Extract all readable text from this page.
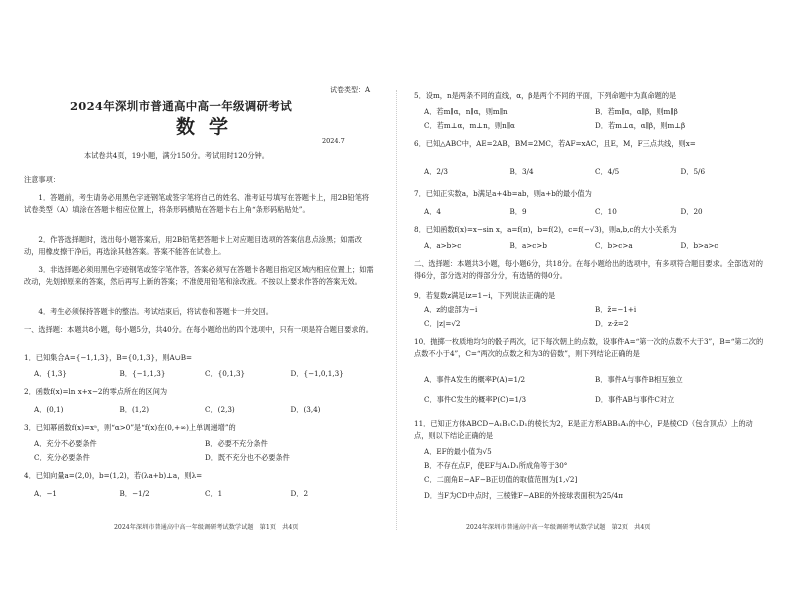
试卷类型：A
2024年深圳市普通高中高一年级调研考试
数学
2024.7
本试卷共4页，19小题，满分150分。考试用时120分钟。
注意事项：
1．答题前，考生请务必用黑色字迹钢笔或签字笔将自己的姓名、准考证号填写在答题卡上，用2B铅笔将试卷类型（A）填涂在答题卡相应位置上，将条形码横贴在答题卡右上角“条形码粘贴处”。
2．作答选择题时，选出每小题答案后，用2B铅笔把答题卡上对应题目选项的答案信息点涂黑；如需改动，用橡皮擦干净后，再选涂其他答案。答案不能答在试卷上。
3．非选择题必须用黑色字迹钢笔或签字笔作答，答案必须写在答题卡各题目指定区域内相应位置上；如需改动，先划掉原来的答案，然后再写上新的答案；不准使用铅笔和涂改液。不按以上要求作答的答案无效。
4．考生必须保持答题卡的整洁。考试结束后，将试卷和答题卡一并交回。
一、选择题：本题共8小题，每小题5分，共40分。在每小题给出的四个选项中，只有一项是符合题目要求的。
1．已知集合A={−1,1,3}，B={0,1,3}，则A∪B=
A．{1,3}	B．{−1,1,3}	C．{0,1,3}	D．{−1,0,1,3}
2．函数f(x)=ln x+x−2的零点所在的区间为
A．(0,1)	B．(1,2)	C．(2,3)	D．(3,4)
3．已知幂函数f(x)=xᵃ，则“α>0”是“f(x)在(0,+∞)上单调递增”的
A．充分不必要条件	B．必要不充分条件
C．充分必要条件	D．既不充分也不必要条件
4．已知向量a=(2,0)，b=(1,2)，若(λa+b)⊥a，则λ=
A．−1	B．−1/2	C．1	D．2
2024年深圳市普通高中高一年级调研考试数学试题　第1页　共4页
5．设m，n是两条不同的直线，α，β是两个不同的平面，下列命题中为真命题的是
A．若m∥α，n∥α，则m∥n	B．若m∥α，α∥β，则m∥β
C．若m⊥α，m⊥n，则n∥α	D．若m⊥α，α∥β，则m⊥β
6．已知△ABC中，AE=2AB，BM=2MC，若AF=xAC，且E，M，F三点共线，则x=
A．2/3	B．3/4	C．4/5	D．5/6
7．已知正实数a，b满足a+4b=ab，则a+b的最小值为
A．4	B．9	C．10	D．20
8．已知函数f(x)=x−sin x，a=f(π)，b=f(2)，c=f(−√3)，则a,b,c的大小关系为
A．a>b>c	B．a>c>b	C．b>c>a	D．b>a>c
二、选择题：本题共3小题，每小题6分，共18分。在每小题给出的选项中，有多项符合题目要求。全部选对的得6分，部分选对的得部分分，有选错的得0分。
9．若复数z满足iz=1−i，下列说法正确的是
A．z的虚部为−i	B．z̄=−1+i
C．|z|=√2	D．z·z̄=2
10．抛掷一枚质地均匀的骰子两次，记下每次朝上的点数，设事件A=“第一次的点数不大于3”，B=“第二次的点数不小于4”，C=“两次的点数之和为3的倍数”，则下列结论正确的是
A．事件A发生的概率P(A)=1/2	B．事件A与事件B相互独立
C．事件C发生的概率P(C)=1/3	D．事件AB与事件C对立
11．已知正方体ABCD−A₁B₁C₁D₁的棱长为2，E是正方形ABB₁A₁的中心，F是棱CD（包含顶点）上的动点，则以下结论正确的是
A．EF的最小值为√5
B．不存在点F，使EF与A₁D₁所成角等于30°
C．二面角E−AF−B正切值的取值范围为[1,√2]
D．当F为CD中点时，三棱锥F−ABE的外接球表面积为25/4π
2024年深圳市普通高中高一年级调研考试数学试题　第2页　共4页
